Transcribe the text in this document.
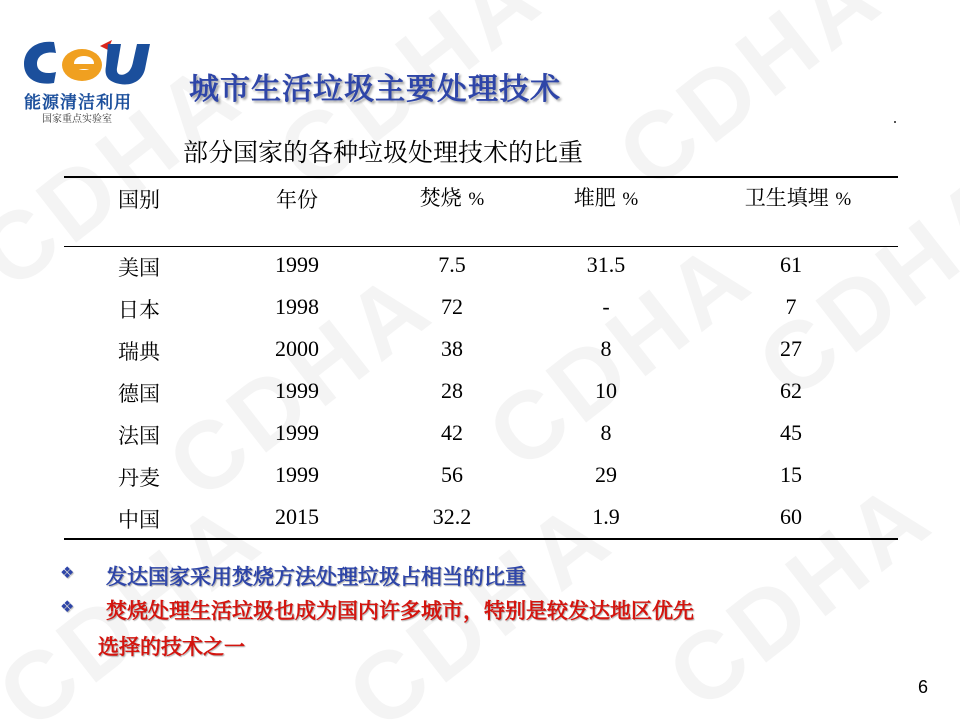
能源清洁利用
国家重点实验室
城市生活垃圾主要处理技术
部分国家的各种垃圾处理技术的比重
国别	年份	焚烧 %	堆肥 %	卫生填埋 %
美国	1999	7.5	31.5	61
日本	1998	72	-	7
瑞典	2000	38	8	27
德国	1999	28	10	62
法国	1999	42	8	45
丹麦	1999	56	29	15
中国	2015	32.2	1.9	60
❖ 发达国家采用焚烧方法处理垃圾占相当的比重
❖ 焚烧处理生活垃圾也成为国内许多城市，特别是较发达地区优先
选择的技术之一
6
